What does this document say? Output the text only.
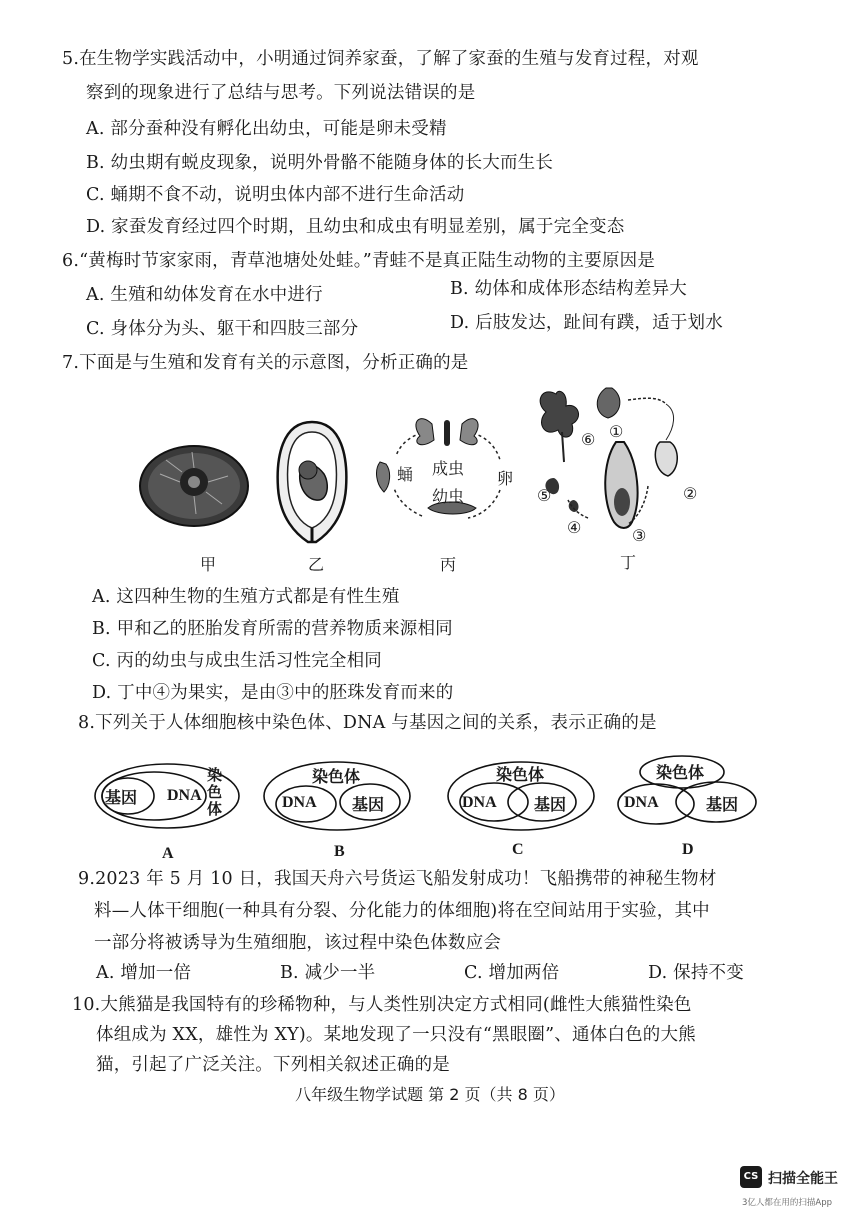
5.在生物学实践活动中，小明通过饲养家蚕，了解了家蚕的生殖与发育过程，对观
察到的现象进行了总结与思考。下列说法错误的是
A. 部分蚕种没有孵化出幼虫，可能是卵未受精
B. 幼虫期有蜕皮现象，说明外骨骼不能随身体的长大而生长
C. 蛹期不食不动，说明虫体内部不进行生命活动
D. 家蚕发育经过四个时期，且幼虫和成虫有明显差别，属于完全变态
6.“黄梅时节家家雨，青草池塘处处蛙。”青蛙不是真正陆生动物的主要原因是
A. 生殖和幼体发育在水中进行	B. 幼体和成体形态结构差异大
C. 身体分为头、躯干和四肢三部分	D. 后肢发达，趾间有蹼，适于划水
7.下面是与生殖和发育有关的示意图，分析正确的是
蛹 成虫
幼虫
卵
⑥ ①
②
③
④
⑤
甲	乙	丙	丁
A. 这四种生物的生殖方式都是有性生殖
B. 甲和乙的胚胎发育所需的营养物质来源相同
C. 丙的幼虫与成虫生活习性完全相同
D. 丁中④为果实，是由③中的胚珠发育而来的
8.下列关于人体细胞核中染色体、DNA 与基因之间的关系，表示正确的是
基因 DNA
染
色
体
染色体
DNA 基因
染色体
DNA 基因
染色体
DNA	基因
A	B	C	D
9.2023 年 5 月 10 日，我国天舟六号货运飞船发射成功！飞船携带的神秘生物材
料—人体干细胞(一种具有分裂、分化能力的体细胞)将在空间站用于实验，其中
一部分将被诱导为生殖细胞，该过程中染色体数应会
A. 增加一倍	B. 减少一半	C. 增加两倍	D. 保持不变
10.大熊猫是我国特有的珍稀物种，与人类性别决定方式相同(雌性大熊猫性染色
体组成为 XX，雄性为 XY)。某地发现了一只没有“黑眼圈”、通体白色的大熊
猫，引起了广泛关注。下列相关叙述正确的是
八年级生物学试题 第 2 页（共 8 页）
CS 扫描全能王
3亿人都在用的扫描App
